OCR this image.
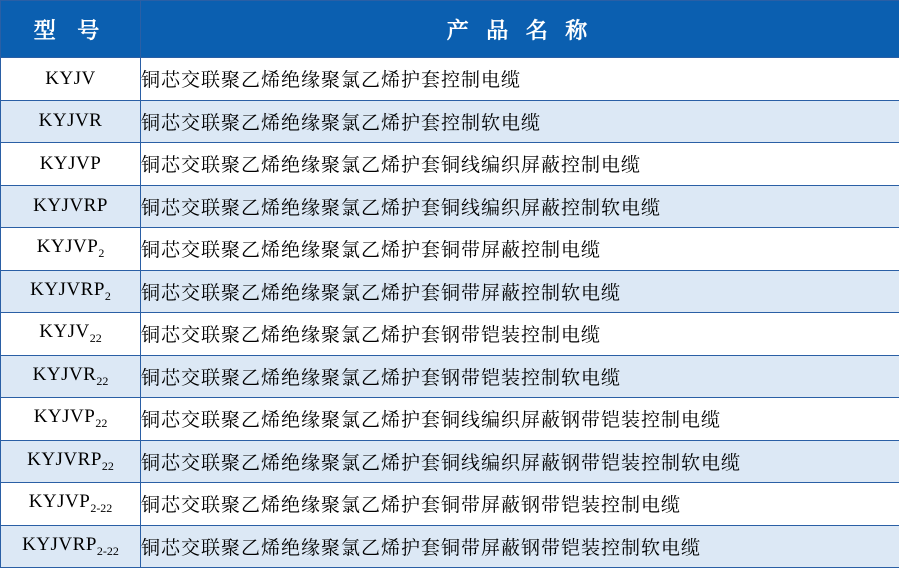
型 号	产 品 名 称
KYJV	铜芯交联聚乙烯绝缘聚氯乙烯护套控制电缆
KYJVR	铜芯交联聚乙烯绝缘聚氯乙烯护套控制软电缆
KYJVP	铜芯交联聚乙烯绝缘聚氯乙烯护套铜线编织屏蔽控制电缆
KYJVRP	铜芯交联聚乙烯绝缘聚氯乙烯护套铜线编织屏蔽控制软电缆
$KYJVP_2$	铜芯交联聚乙烯绝缘聚氯乙烯护套铜带屏蔽控制电缆
$KYJVRP_2$	铜芯交联聚乙烯绝缘聚氯乙烯护套铜带屏蔽控制软电缆
$KYJV_{22}$	铜芯交联聚乙烯绝缘聚氯乙烯护套钢带铠装控制电缆
$KYJVR_{22}$	铜芯交联聚乙烯绝缘聚氯乙烯护套钢带铠装控制软电缆
$KYJVP_{22}$	铜芯交联聚乙烯绝缘聚氯乙烯护套铜线编织屏蔽钢带铠装控制电缆
$KYJVRP_{22}$	铜芯交联聚乙烯绝缘聚氯乙烯护套铜线编织屏蔽钢带铠装控制软电缆
$KYJVP_{2-22}$	铜芯交联聚乙烯绝缘聚氯乙烯护套铜带屏蔽钢带铠装控制电缆
$KYJVRP_{2-22}$	铜芯交联聚乙烯绝缘聚氯乙烯护套铜带屏蔽钢带铠装控制软电缆
